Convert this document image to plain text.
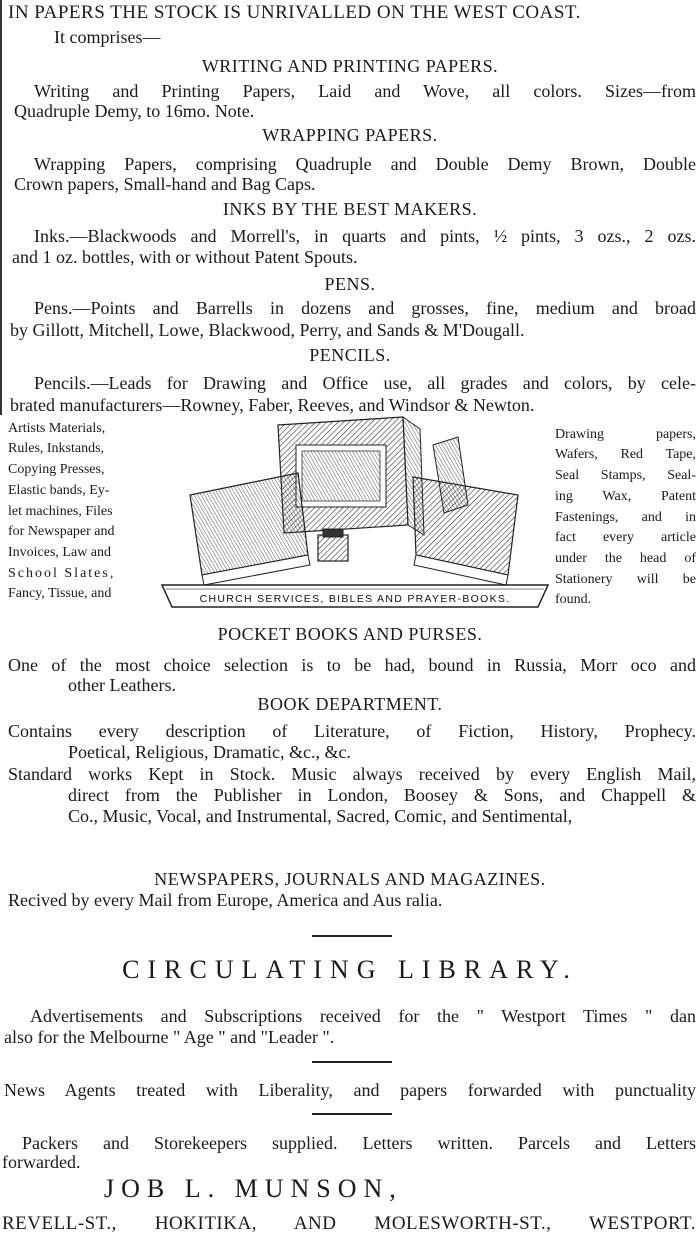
IN PAPERS THE STOCK IS UNRIVALLED ON THE WEST COAST.
It comprises—
WRITING AND PRINTING PAPERS.
Writing and Printing Papers, Laid and Wove, all colors. Sizes—from
Quadruple Demy, to 16mo. Note.
WRAPPING PAPERS.
Wrapping Papers, comprising Quadruple and Double Demy Brown, Double
Crown papers, Small-hand and Bag Caps.
INKS BY THE BEST MAKERS.
Inks.—Blackwoods and Morrell's, in quarts and pints, ½ pints, 3 ozs., 2 ozs.
and 1 oz. bottles, with or without Patent Spouts.
PENS.
Pens.—Points and Barrells in dozens and grosses, fine, medium and broad
by Gillott, Mitchell, Lowe, Blackwood, Perry, and Sands & M'Dougall.
PENCILS.
Pencils.—Leads for Drawing and Office use, all grades and colors, by cele-
brated manufacturers—Rowney, Faber, Reeves, and Windsor & Newton.
Artists Materials,
Rules, Inkstands,
Copying Presses,
Elastic bands, Ey-
let machines, Files
for Newspaper and
Invoices, Law and
School Slates,
Fancy, Tissue, and	CHURCH SERVICES, BIBLES AND PRAYER-BOOKS.
Drawing papers,
Wafers, Red Tape,
Seal Stamps, Seal-
ing Wax, Patent
Fastenings, and in
fact every article
under the head of
Stationery will be
found.
POCKET BOOKS AND PURSES.
One of the most choice selection is to be had, bound in Russia, Morr oco and
other Leathers.
BOOK DEPARTMENT.
Contains every description of Literature, of Fiction, History, Prophecy.
Poetical, Religious, Dramatic, &c., &c.
Standard works Kept in Stock. Music always received by every English Mail,
direct from the Publisher in London, Boosey & Sons, and Chappell &
Co., Music, Vocal, and Instrumental, Sacred, Comic, and Sentimental,
NEWSPAPERS, JOURNALS AND MAGAZINES.
Recived by every Mail from Europe, America and Aus ralia.
CIRCULATING LIBRARY.
Advertisements and Subscriptions received for the " Westport Times " dan
also for the Melbourne " Age " and "Leader ".
News Agents treated with Liberality, and papers forwarded with punctuality
Packers and Storekeepers supplied. Letters written. Parcels and Letters
forwarded.
JOB L. MUNSON,
REVELL-ST., HOKITIKA, AND MOLESWORTH-ST., WESTPORT.
